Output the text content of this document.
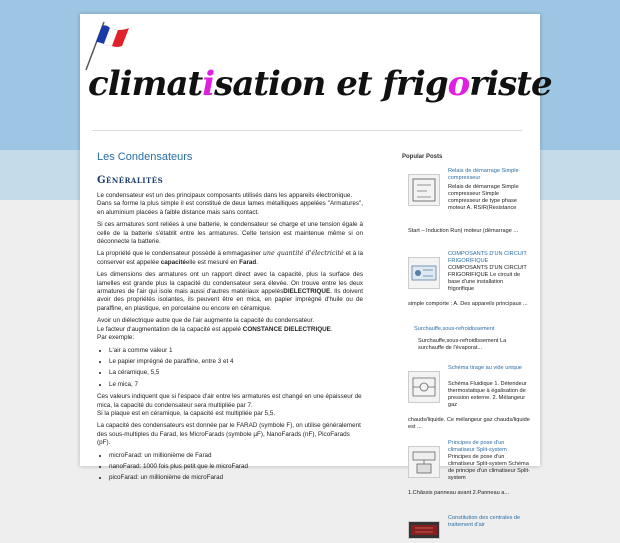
climatisation et frigoriste
Les Condensateurs
Généralités

Le condensateur est un des principaux composants utilisés dans les appareils électronique.
Dans sa forme la plus simple il est constitué de deux lames métalliques appelées "Armatures", en aluminium placées à faible distance mais sans contact.

Si ces armatures sont reliées à une batterie, le condensateur se charge et une tension égale à celle de la batterie s'établit entre les armatures. Celte tension est maintenue même si on déconnecte la batterie.

La propriété que le condensateur possède à emmagasiner une quantité d'électricité et à la conserver est appelée capacitéelle est mesuré en Farad.

Les dimensions des armatures ont un rapport direct avec la capacité, plus la surface des lamelles est grande plus la capacité du condensateur sera élevée. On trouve entre les deux armatures de l'air qui isole mais aussi d'autres matériaux appelésDIELECTRIQUE. Ils doivent avoir des propriétés isolantes, ils peuvent être en mica, en papier imprégné d'huile ou de paraffine, en plastique, en porcelaine ou encore en céramique.

Avoir un diélectrique autre que de l'air augmente la capacité du condensateur.
Le facteur d'augmentation de la capacité est appelé CONSTANCE DIELECTRIQUE.
Par exemple:

• L'air a comme valeur 1
• Le papier imprégné de paraffine, entre 3 et 4
• La céramique, 5,5
• Le mica, 7

Ces valeurs indiquent que si l'espace d'air entre les armatures est changé en une épaisseur de mica, la capacité du condensateur sera multipliée par 7.
Si la plaque est en céramique, la capacité est multipliée par 5,5.

La capacité des condensateurs est donnée par le FARAD (symbole F), on utilise généralement des sous-multiples du Farad, les MicroFarads (symbole µF), NanoFarads (nF), PicoFarads (pF).

• microFarad: un millionième de Farad
• nanoFarad: 1000 fois plus petit que le microFarad
• picoFarad: un millionième de microFarad
Popular Posts
Relais de démarrage Simple compresseur
Relais de démarrage Simple compresseur Simple compresseur de type phase moteur A. RSIR(Resistance
Start – Induction Run) moteur (démarrage ...
COMPOSANTS D'UN CIRCUIT FRIGORIFIQUE
COMPOSANTS D'UN CIRCUIT FRIGORIFIQUE Le circuit de base d'une installation frigorifique
simple comporte : A. Des appareils principaux ...
Surchauffe,sous-refroidissement
Surchauffe,sous-refroidissement La surchauffe de l'évaporat...
Schéma tirage au vide unique
Schéma Fluidique 1. Détendeur thermostatique à égalisation de pression externe. 2. Mélangeur gaz
chauds/liquide. Ce mélangeur gaz chauds/liquide est ...
Principes de pose d'un climatiseur Split-system
Principes de pose d'un climatiseur Split-system Schéma de principe d'un climatiseur Split-system
1.Châssis panneau avant 2.Panneau a...
Constitution des centrales de traitement d'air
